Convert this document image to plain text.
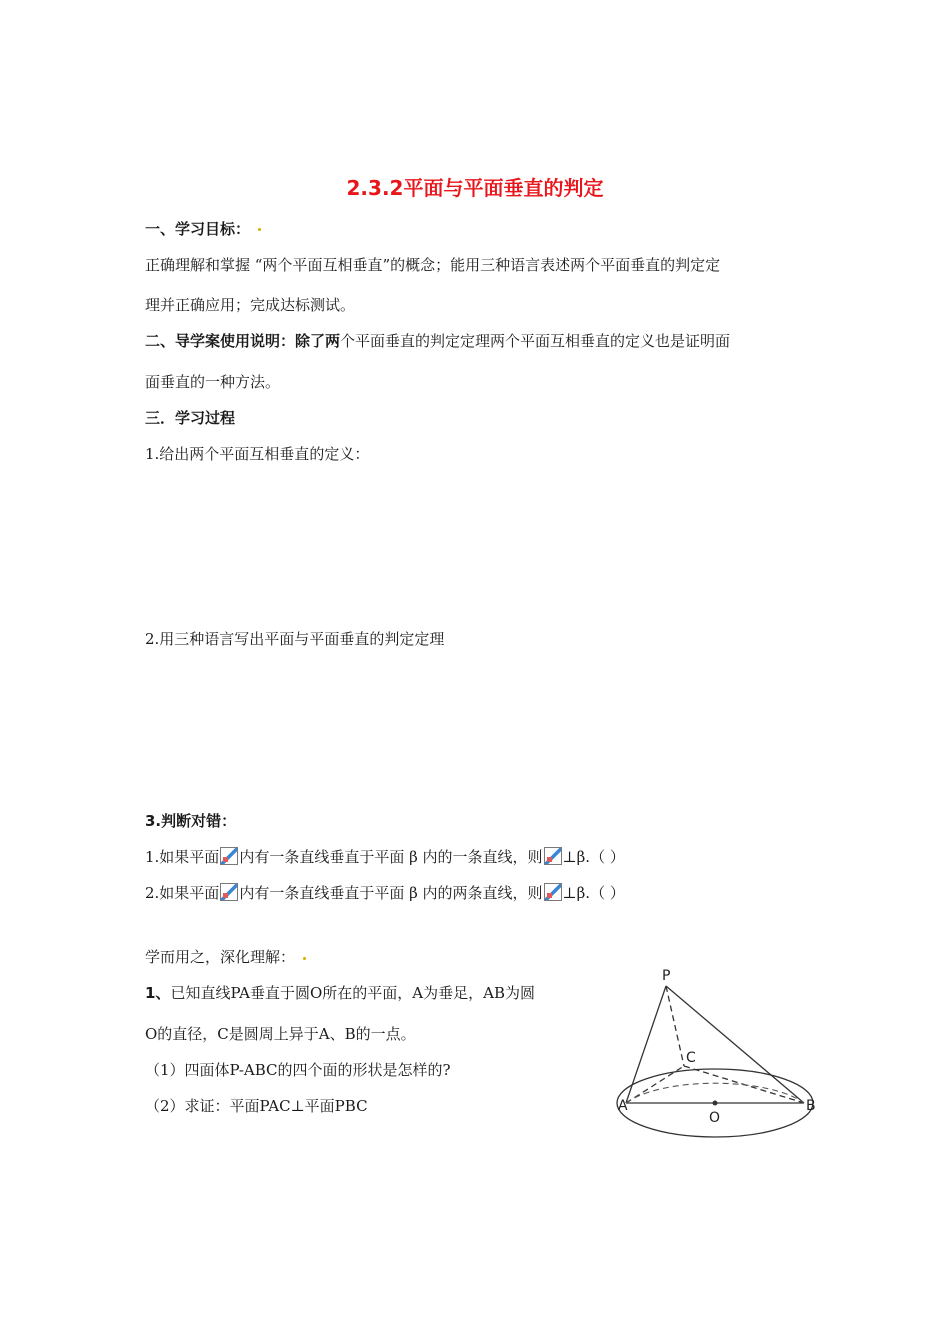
2.3.2平面与平面垂直的判定
一、学习目标：
正确理解和掌握 “两个平面互相垂直”的概念；能用三种语言表述两个平面垂直的判定定
理并正确应用；完成达标测试。
二、导学案使用说明：除了两个平面垂直的判定定理两个平面互相垂直的定义也是证明面
面垂直的一种方法。
三．学习过程
1.给出两个平面互相垂直的定义：
2.用三种语言写出平面与平面垂直的判定定理
3.判断对错：
1.如果平面 内有一条直线垂直于平面 β 内的一条直线，则 ⊥β.（ ）
2.如果平面 内有一条直线垂直于平面 β 内的两条直线，则 ⊥β.（ ）
学而用之，深化理解：
1、已知直线PA垂直于圆O所在的平面，A为垂足，AB为圆
O的直径，C是圆周上异于A、B的一点。
（1）四面体P-ABC的四个面的形状是怎样的?
（2）求证：平面PAC⊥平面PBC
P
C
A
O
B
